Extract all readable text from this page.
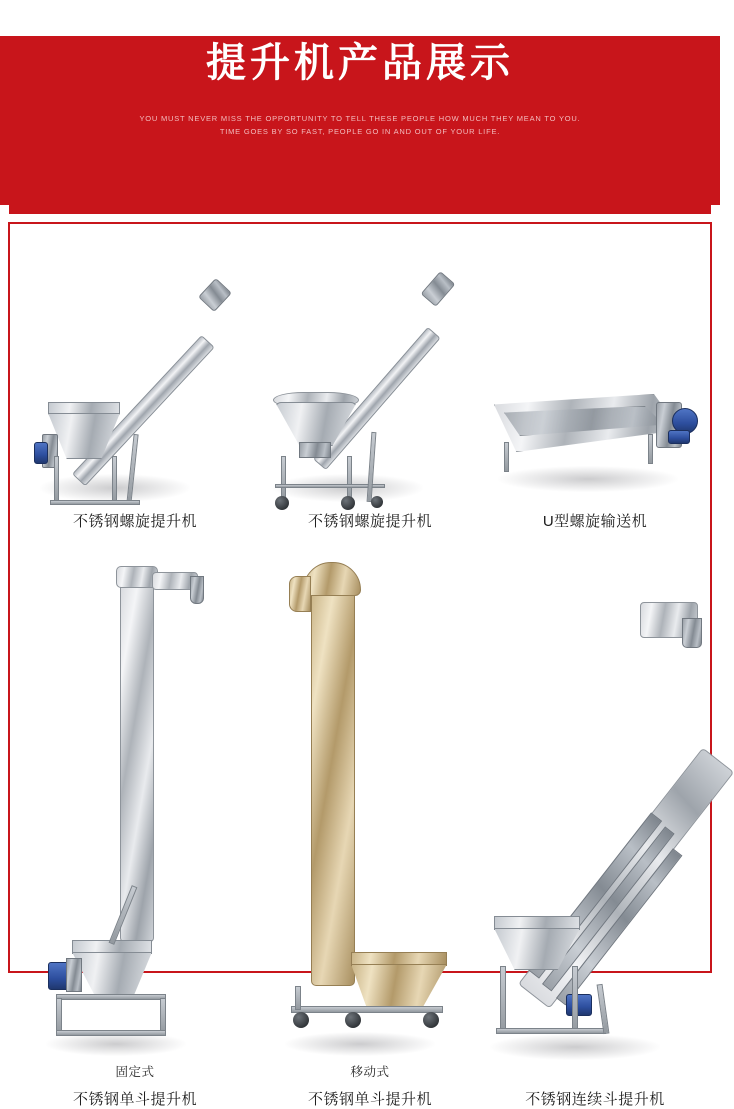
提升机产品展示
YOU MUST NEVER MISS THE OPPORTUNITY TO TELL THESE PEOPLE HOW MUCH THEY MEAN TO YOU.
TIME GOES BY SO FAST, PEOPLE GO IN AND OUT OF YOUR LIFE.
不锈钢螺旋提升机	不锈钢螺旋提升机	U型螺旋输送机
固定式
不锈钢单斗提升机
移动式
不锈钢单斗提升机	不锈钢连续斗提升机
